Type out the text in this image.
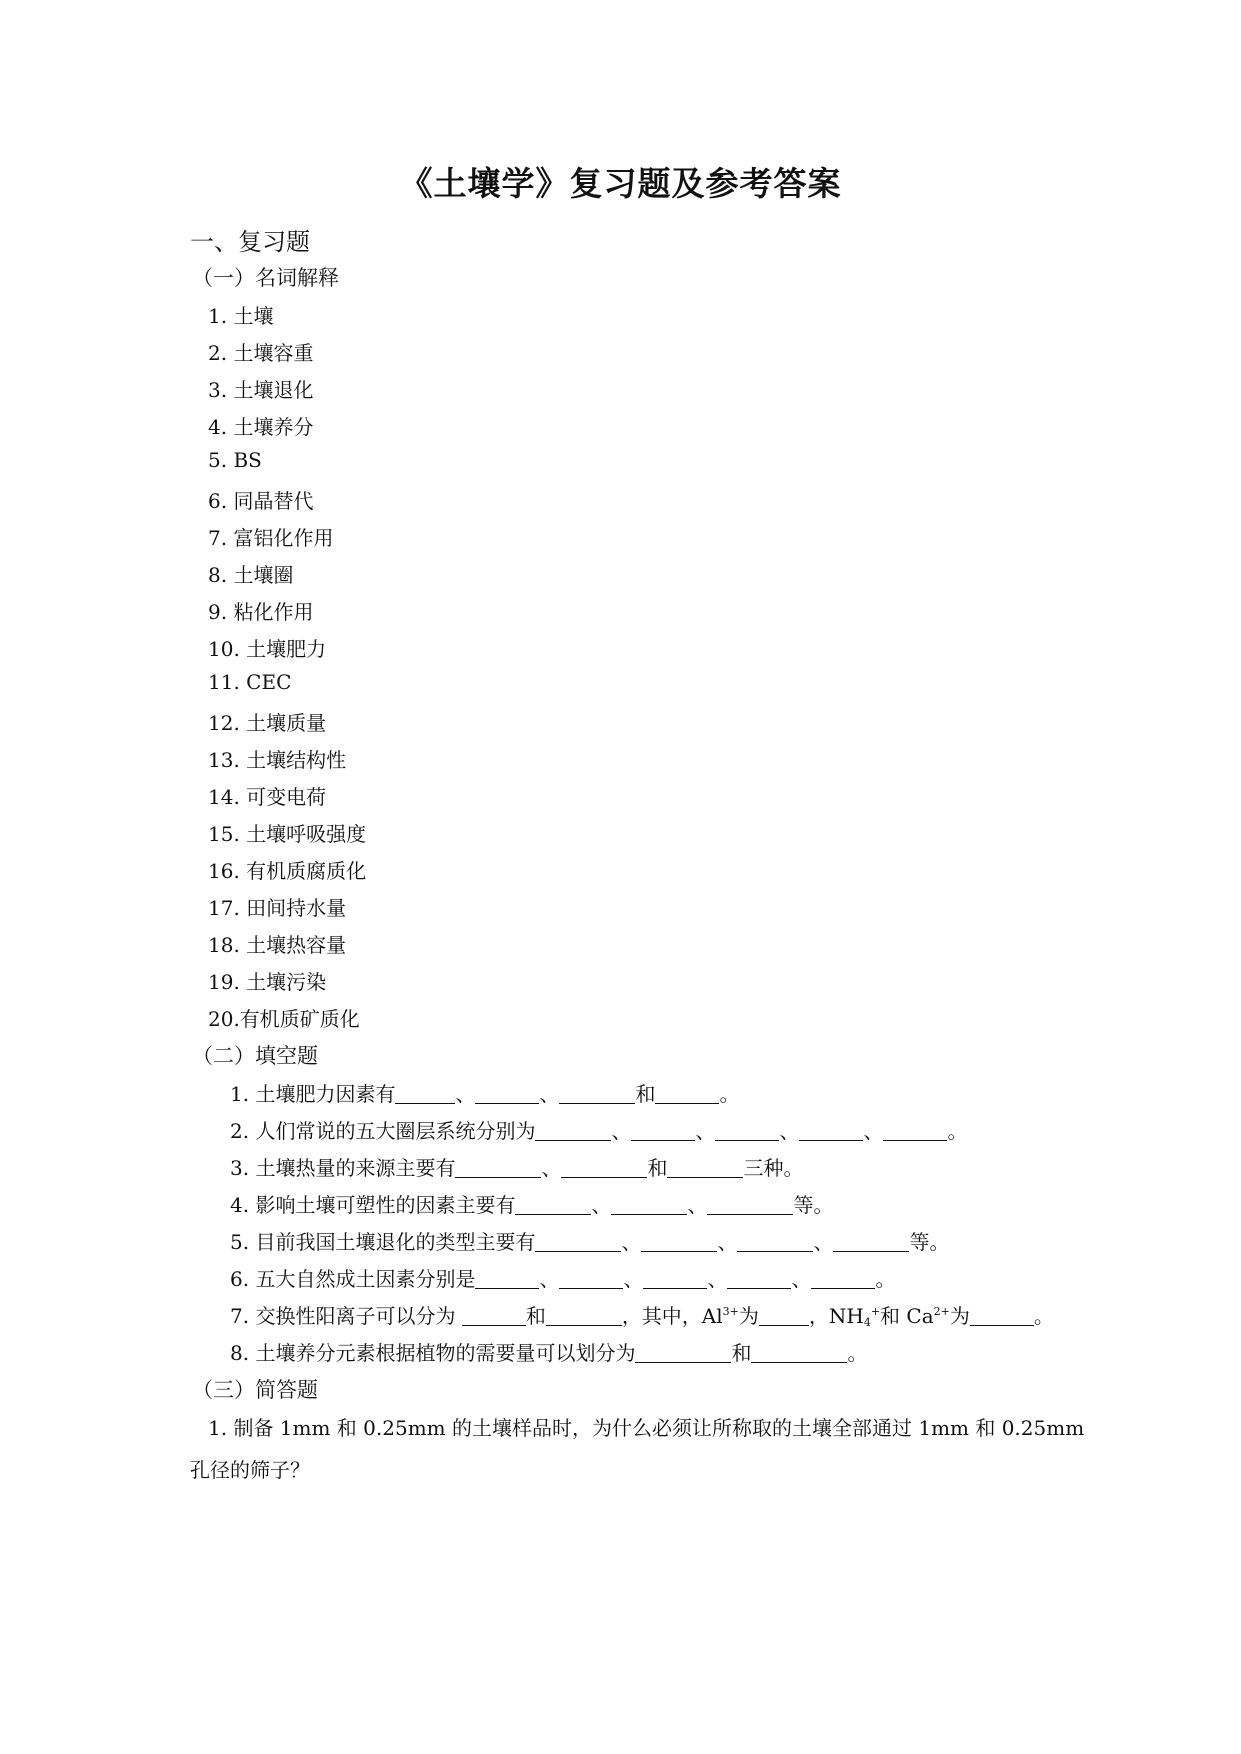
《土壤学》复习题及参考答案
一、复习题
（一）名词解释
1. 土壤
2. 土壤容重
3. 土壤退化
4. 土壤养分
5. BS
6. 同晶替代
7. 富铝化作用
8. 土壤圈
9. 粘化作用
10. 土壤肥力
11. CEC
12. 土壤质量
13. 土壤结构性
14. 可变电荷
15. 土壤呼吸强度
16. 有机质腐质化
17. 田间持水量
18. 土壤热容量
19. 土壤污染
20.有机质矿质化
（二）填空题
1. 土壤肥力因素有	、	、	和	。
2. 人们常说的五大圈层系统分别为	、	、	、	、	。
3. 土壤热量的来源主要有	、	和	三种。
4. 影响土壤可塑性的因素主要有	、	、	等。
5. 目前我国土壤退化的类型主要有	、	、	、	等。
6. 五大自然成土因素分别是	、	、	、	、	。
7. 交换性阳离子可以分为	和	，其中，$Al^{3+}$为	，$NH_4^+$和 $Ca^{2+}$为	。
8. 土壤养分元素根据植物的需要量可以划分为	和	。
（三）简答题
1. 制备 1mm 和 0.25mm 的土壤样品时，为什么必须让所称取的土壤全部通过 1mm 和 0.25mm
孔径的筛子？
